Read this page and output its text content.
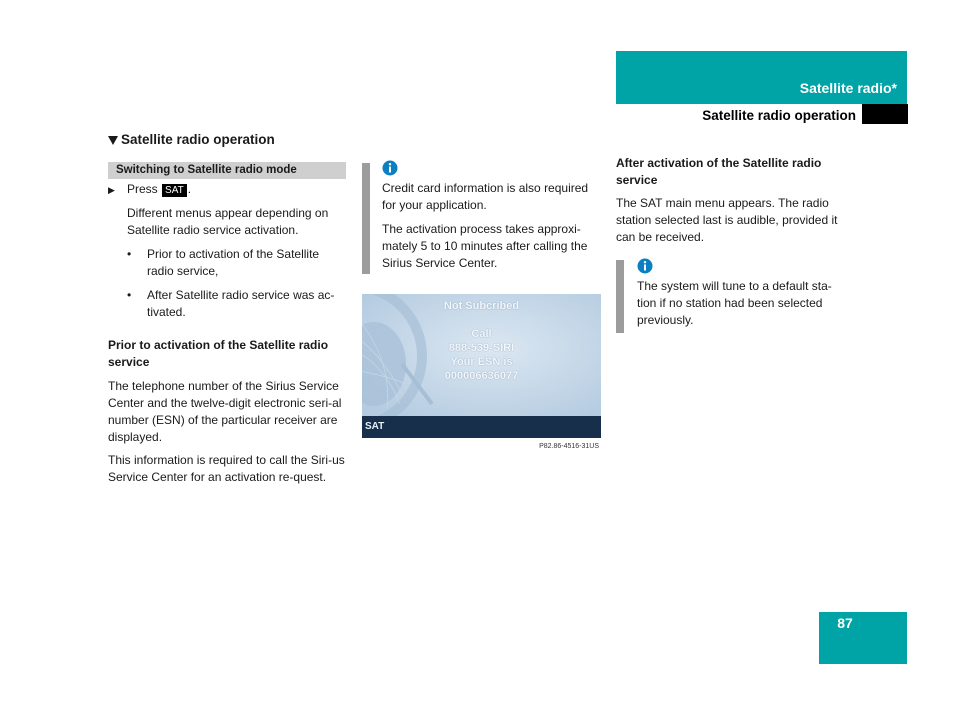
Satellite radio*
Satellite radio operation
Satellite radio operation
Switching to Satellite radio mode
▶ Press SAT .

Different menus appear depending on Satellite radio service activation.

• Prior to activation of the Satellite radio service,
• After Satellite radio service was ac-tivated.

Prior to activation of the Satellite radio service

The telephone number of the Sirius Service Center and the twelve-digit electronic seri-al number (ESN) of the particular receiver are displayed.

This information is required to call the Siri-us Service Center for an activation re-quest.

Credit card information is also required for your application.

The activation process takes approxi-mately 5 to 10 minutes after calling the Sirius Service Center.

Not Subcribed
Call
888-539-SIRI
Your ESN is
000006636077
SAT
P82.86-4516-31US

After activation of the Satellite radio service

The SAT main menu appears. The radio station selected last is audible, provided it can be received.

The system will tune to a default sta-tion if no station had been selected previously.

87
